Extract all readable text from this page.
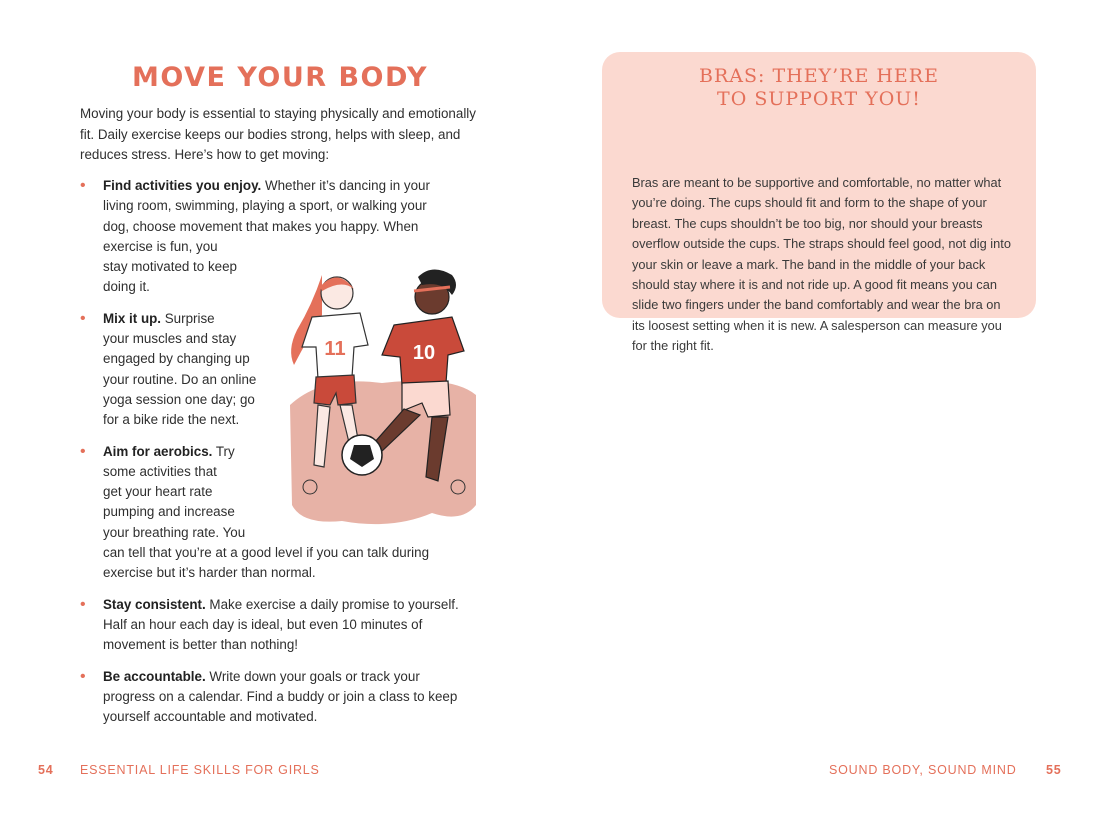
MOVE YOUR BODY

Moving your body is essential to staying physically and emotionally fit. Daily exercise keeps our bodies strong, helps with sleep, and reduces stress. Here’s how to get moving:

• Find activities you enjoy. Whether it’s dancing in your
living room, swimming, playing a sport, or walking your
dog, choose movement that makes you happy. When
exercise is fun, you
stay motivated to keep
doing it.
• Mix it up. Surprise
your muscles and stay
engaged by changing up
your routine. Do an online
yoga session one day; go
for a bike ride the next.
• Aim for aerobics. Try
some activities that
get your heart rate
pumping and increase
your breathing rate. You
can tell that you’re at a good level if you can talk during
exercise but it’s harder than normal.
• Stay consistent. Make exercise a daily promise to yourself.
Half an hour each day is ideal, but even 10 minutes of
movement is better than nothing!
• Be accountable. Write down your goals or track your
progress on a calendar. Find a buddy or join a class to keep
yourself accountable and motivated.
11	10
54 ESSENTIAL LIFE SKILLS FOR GIRLS
BRAS: THEY’RE HERE
TO SUPPORT YOU!

Bras are meant to be supportive and comfortable, no matter what you’re doing. The cups should fit and form to the shape of your breast. The cups shouldn’t be too big, nor should your breasts overflow outside the cups. The straps should feel good, not dig into your skin or leave a mark. The band in the middle of your back should stay where it is and not ride up. A good fit means you can slide two fingers under the band comfortably and wear the bra on its loosest setting when it is new. A salesperson can measure you for the right fit.

SOUND BODY, SOUND MIND 55
